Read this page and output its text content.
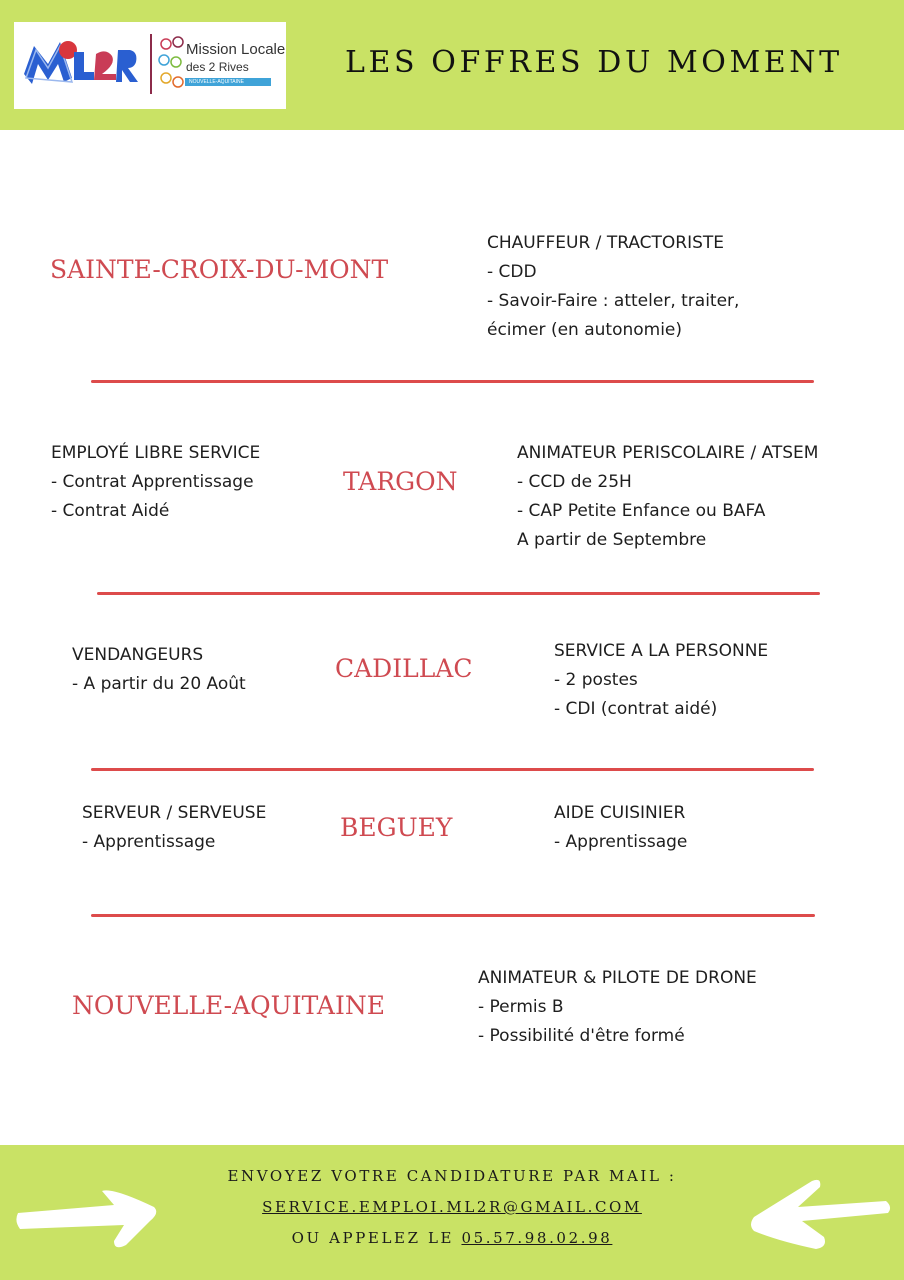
Mission Locale
des 2 Rives
NOUVELLE-AQUITAINE
LES OFFRES DU MOMENT
SAINTE-CROIX-DU-MONT
CHAUFFEUR / TRACTORISTE
- CDD
- Savoir-Faire : atteler, traiter,
écimer (en autonomie)
EMPLOYÉ LIBRE SERVICE
- Contrat Apprentissage
- Contrat Aidé
TARGON
ANIMATEUR PERISCOLAIRE / ATSEM
- CCD de 25H
- CAP Petite Enfance ou BAFA
A partir de Septembre
VENDANGEURS
- A partir du 20 Août
CADILLAC
SERVICE A LA PERSONNE
- 2 postes
- CDI (contrat aidé)
SERVEUR / SERVEUSE
- Apprentissage	BEGUEY	AIDE CUISINIER
- Apprentissage
NOUVELLE-AQUITAINE
ANIMATEUR & PILOTE DE DRONE
- Permis B
- Possibilité d'être formé
ENVOYEZ VOTRE CANDIDATURE PAR MAIL :
SERVICE.EMPLOI.ML2R@GMAIL.COM
OU APPELEZ LE 05.57.98.02.98
